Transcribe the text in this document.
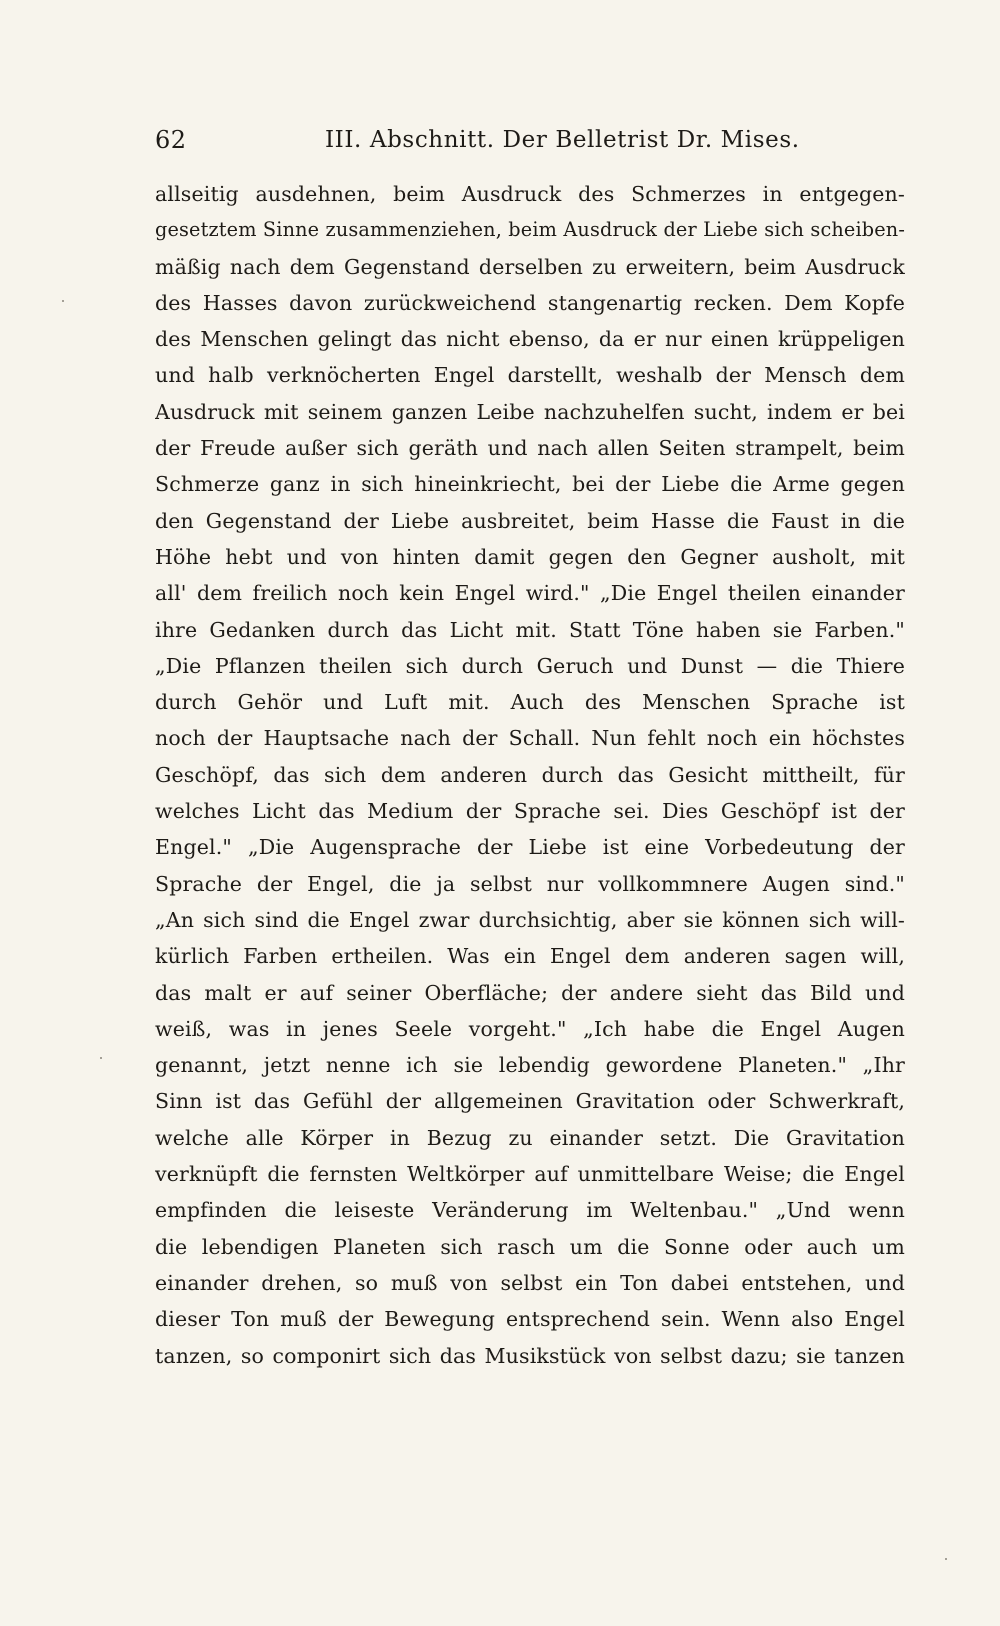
62	III. Abschnitt. Der Belletrist Dr. Mises.
allseitig ausdehnen, beim Ausdruck des Schmerzes in entgegen-
gesetztem Sinne zusammenziehen, beim Ausdruck der Liebe sich scheiben-
mäßig nach dem Gegenstand derselben zu erweitern, beim Ausdruck
des Hasses davon zurückweichend stangenartig recken. Dem Kopfe
des Menschen gelingt das nicht ebenso, da er nur einen krüppeligen
und halb verknöcherten Engel darstellt, weshalb der Mensch dem
Ausdruck mit seinem ganzen Leibe nachzuhelfen sucht, indem er bei
der Freude außer sich geräth und nach allen Seiten strampelt, beim
Schmerze ganz in sich hineinkriecht, bei der Liebe die Arme gegen
den Gegenstand der Liebe ausbreitet, beim Hasse die Faust in die
Höhe hebt und von hinten damit gegen den Gegner ausholt, mit
all' dem freilich noch kein Engel wird." „Die Engel theilen einander
ihre Gedanken durch das Licht mit. Statt Töne haben sie Farben."
„Die Pflanzen theilen sich durch Geruch und Dunst — die Thiere
durch Gehör und Luft mit. Auch des Menschen Sprache ist
noch der Hauptsache nach der Schall. Nun fehlt noch ein höchstes
Geschöpf, das sich dem anderen durch das Gesicht mittheilt, für
welches Licht das Medium der Sprache sei. Dies Geschöpf ist der
Engel." „Die Augensprache der Liebe ist eine Vorbedeutung der
Sprache der Engel, die ja selbst nur vollkommnere Augen sind."
„An sich sind die Engel zwar durchsichtig, aber sie können sich will-
kürlich Farben ertheilen. Was ein Engel dem anderen sagen will,
das malt er auf seiner Oberfläche; der andere sieht das Bild und
weiß, was in jenes Seele vorgeht." „Ich habe die Engel Augen
genannt, jetzt nenne ich sie lebendig gewordene Planeten." „Ihr
Sinn ist das Gefühl der allgemeinen Gravitation oder Schwerkraft,
welche alle Körper in Bezug zu einander setzt. Die Gravitation
verknüpft die fernsten Weltkörper auf unmittelbare Weise; die Engel
empfinden die leiseste Veränderung im Weltenbau." „Und wenn
die lebendigen Planeten sich rasch um die Sonne oder auch um
einander drehen, so muß von selbst ein Ton dabei entstehen, und
dieser Ton muß der Bewegung entsprechend sein. Wenn also Engel
tanzen, so componirt sich das Musikstück von selbst dazu; sie tanzen
